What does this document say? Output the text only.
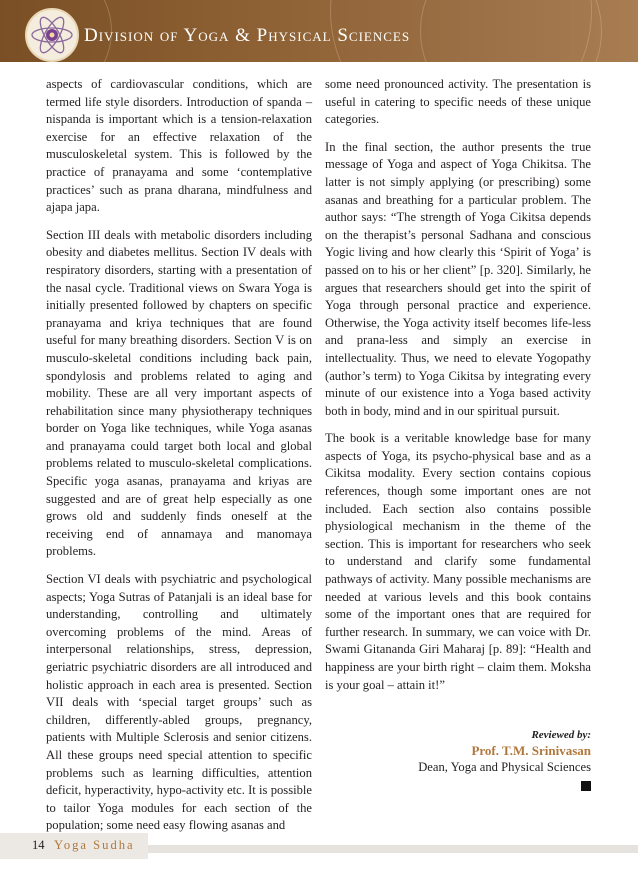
Division of Yoga & Physical Sciences

aspects of cardiovascular conditions, which are termed life style disorders. Introduction of spanda – nispanda is important which is a tension-relaxation exercise for an effective relaxation of the musculoskeletal system. This is followed by the practice of pranayama and some ‘contemplative practices’ such as prana dharana, mindfulness and ajapa japa.

Section III deals with metabolic disorders including obesity and diabetes mellitus. Section IV deals with respiratory disorders, starting with a presentation of the nasal cycle. Traditional views on Swara Yoga is initially presented followed by chapters on specific pranayama and kriya techniques that are found useful for many breathing disorders. Section V is on musculo-skeletal conditions including back pain, spondylosis and problems related to aging and mobility. These are all very important aspects of rehabilitation since many physiotherapy techniques border on Yoga like techniques, while Yoga asanas and pranayama could target both local and global problems related to musculo-skeletal complications. Specific yoga asanas, pranayama and kriyas are suggested and are of great help especially as one grows old and suddenly finds oneself at the receiving end of annamaya and manomaya problems.

Section VI deals with psychiatric and psychological aspects; Yoga Sutras of Patanjali is an ideal base for understanding, controlling and ultimately overcoming problems of the mind. Areas of interpersonal relationships, stress, depression, geriatric psychiatric disorders are all introduced and holistic approach in each area is presented. Section VII deals with ‘special target groups’ such as children, differently-abled groups, pregnancy, patients with Multiple Sclerosis and senior citizens. All these groups need special attention to specific problems such as learning difficulties, attention deficit, hyperactivity, hypo-activity etc. It is possible to tailor Yoga modules for each section of the population; some need easy flowing asanas and

some need pronounced activity. The presentation is useful in catering to specific needs of these unique categories.

In the final section, the author presents the true message of Yoga and aspect of Yoga Chikitsa. The latter is not simply applying (or prescribing) some asanas and breathing for a particular problem. The author says: “The strength of Yoga Cikitsa depends on the therapist’s personal Sadhana and conscious Yogic living and how clearly this ‘Spirit of Yoga’ is passed on to his or her client” [p. 320]. Similarly, he argues that researchers should get into the spirit of Yoga through personal practice and experience. Otherwise, the Yoga activity itself becomes life-less and prana-less and simply an exercise in intellectuality. Thus, we need to elevate Yogopathy (author’s term) to Yoga Cikitsa by integrating every minute of our existence into a Yoga based activity both in body, mind and in our spiritual pursuit.

The book is a veritable knowledge base for many aspects of Yoga, its psycho-physical base and as a Cikitsa modality. Every section contains copious references, though some important ones are not included. Each section also contains possible physiological mechanism in the theme of the section. This is important for researchers who seek to understand and clarify some fundamental pathways of activity. Many possible mechanisms are needed at various levels and this book contains some of the important ones that are required for further research. In summary, we can voice with Dr. Swami Gitananda Giri Maharaj [p. 89]: “Health and happiness are your birth right – claim them. Moksha is your goal – attain it!”

Reviewed by:
Prof. T.M. Srinivasan
Dean, Yoga and Physical Sciences
14 Yoga Sudha
